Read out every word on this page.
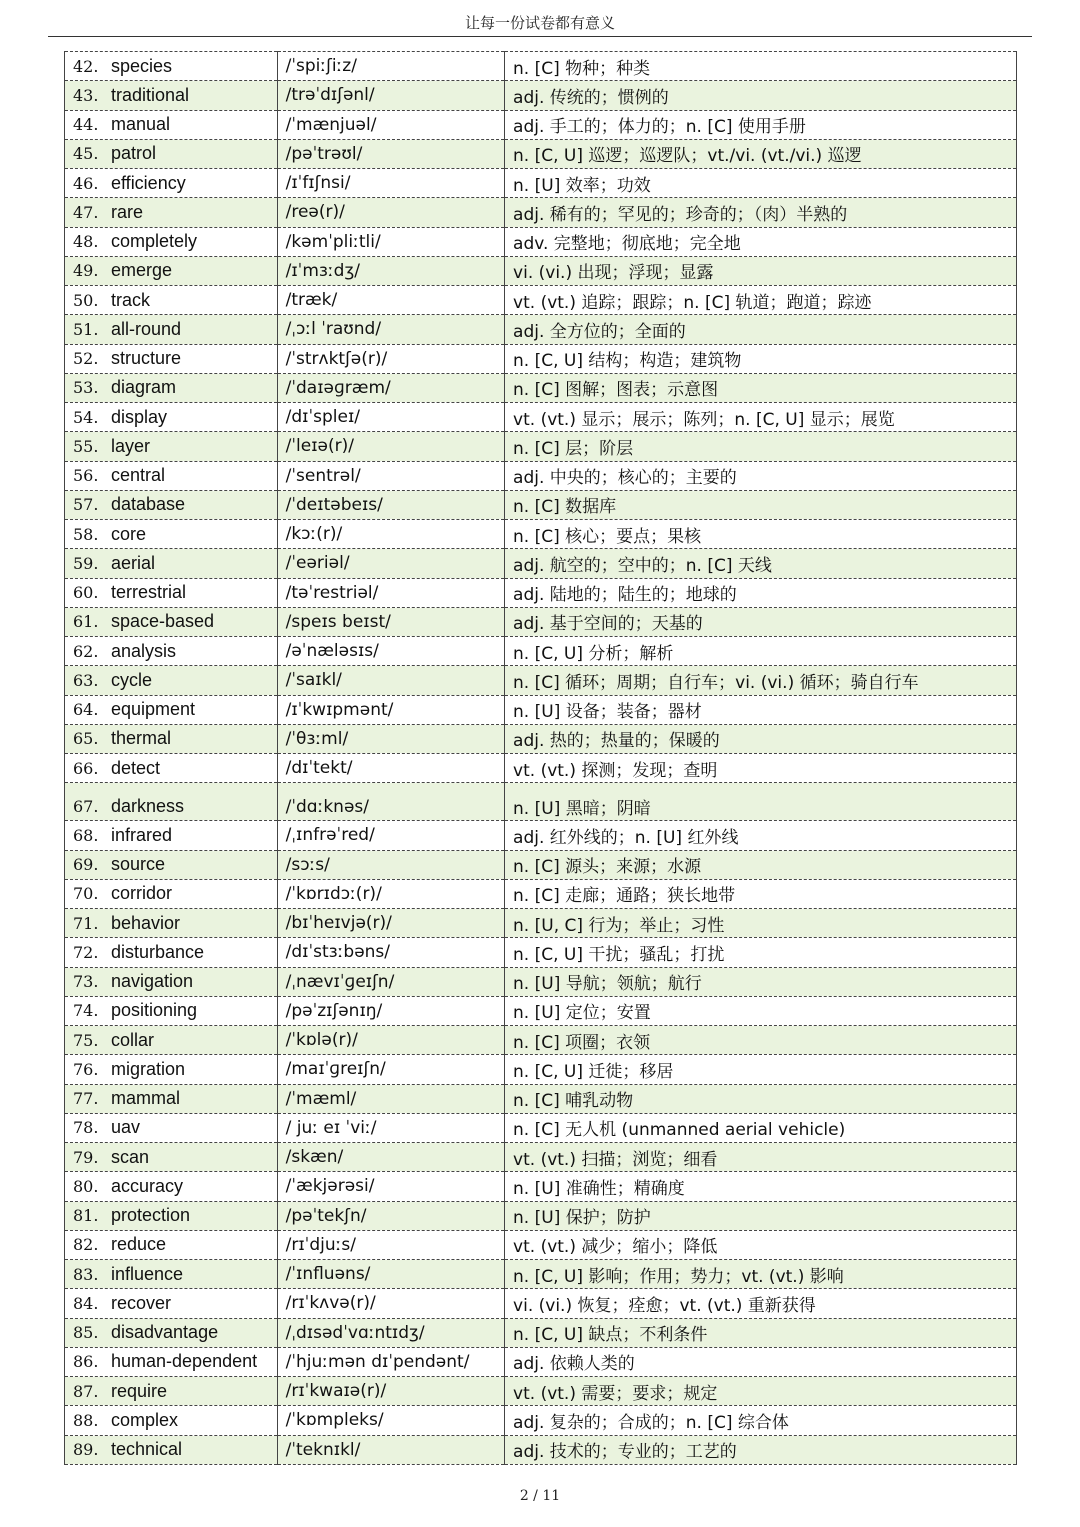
让每一份试卷都有意义
42. species	/ˈspiːʃiːz/	n. [C] 物种；种类
43. traditional	/trəˈdɪʃənl/	adj. 传统的；惯例的
44. manual	/ˈmænjuəl/	adj. 手工的；体力的；n. [C] 使用手册
45. patrol	/pəˈtrəʊl/	n. [C, U] 巡逻；巡逻队；vt./vi. (vt./vi.) 巡逻
46. efficiency	/ɪˈfɪʃnsi/	n. [U] 效率；功效
47. rare	/reə(r)/	adj. 稀有的；罕见的；珍奇的；（肉）半熟的
48. completely	/kəmˈpliːtli/	adv. 完整地；彻底地；完全地
49. emerge	/ɪˈmɜːdʒ/	vi. (vi.) 出现；浮现；显露
50. track	/træk/	vt. (vt.) 追踪；跟踪；n. [C] 轨道；跑道；踪迹
51. all-round	/ˌɔːl ˈraʊnd/	adj. 全方位的；全面的
52. structure	/ˈstrʌktʃə(r)/	n. [C, U] 结构；构造；建筑物
53. diagram	/ˈdaɪəɡræm/	n. [C] 图解；图表；示意图
54. display	/dɪˈspleɪ/	vt. (vt.) 显示；展示；陈列；n. [C, U] 显示；展览
55. layer	/ˈleɪə(r)/	n. [C] 层；阶层
56. central	/ˈsentrəl/	adj. 中央的；核心的；主要的
57. database	/ˈdeɪtəbeɪs/	n. [C] 数据库
58. core	/kɔː(r)/	n. [C] 核心；要点；果核
59. aerial	/ˈeəriəl/	adj. 航空的；空中的；n. [C] 天线
60. terrestrial	/təˈrestriəl/	adj. 陆地的；陆生的；地球的
61. space-based	/speɪs beɪst/	adj. 基于空间的；天基的
62. analysis	/əˈnæləsɪs/	n. [C, U] 分析；解析
63. cycle	/ˈsaɪkl/	n. [C] 循环；周期；自行车；vi. (vi.) 循环；骑自行车
64. equipment	/ɪˈkwɪpmənt/	n. [U] 设备；装备；器材
65. thermal	/ˈθɜːml/	adj. 热的；热量的；保暖的
66. detect	/dɪˈtekt/	vt. (vt.) 探测；发现；查明
67. darkness	/ˈdɑːknəs/	n. [U] 黑暗；阴暗
68. infrared	/ˌɪnfrəˈred/	adj. 红外线的；n. [U] 红外线
69. source	/sɔːs/	n. [C] 源头；来源；水源
70. corridor	/ˈkɒrɪdɔː(r)/	n. [C] 走廊；通路；狭长地带
71. behavior	/bɪˈheɪvjə(r)/	n. [U, C] 行为；举止；习性
72. disturbance	/dɪˈstɜːbəns/	n. [C, U] 干扰；骚乱；打扰
73. navigation	/ˌnævɪˈɡeɪʃn/	n. [U] 导航；领航；航行
74. positioning	/pəˈzɪʃənɪŋ/	n. [U] 定位；安置
75. collar	/ˈkɒlə(r)/	n. [C] 项圈；衣领
76. migration	/maɪˈɡreɪʃn/	n. [C, U] 迁徙；移居
77. mammal	/ˈmæml/	n. [C] 哺乳动物
78. uav	/ juː eɪ ˈviː/	n. [C] 无人机 (unmanned aerial vehicle)
79. scan	/skæn/	vt. (vt.) 扫描；浏览；细看
80. accuracy	/ˈækjərəsi/	n. [U] 准确性；精确度
81. protection	/pəˈtekʃn/	n. [U] 保护；防护
82. reduce	/rɪˈdjuːs/	vt. (vt.) 减少；缩小；降低
83. influence	/ˈɪnfluəns/	n. [C, U] 影响；作用；势力；vt. (vt.) 影响
84. recover	/rɪˈkʌvə(r)/	vi. (vi.) 恢复；痊愈；vt. (vt.) 重新获得
85. disadvantage	/ˌdɪsədˈvɑːntɪdʒ/	n. [C, U] 缺点；不利条件
86. human-dependent	/ˈhjuːmən dɪˈpendənt/	adj. 依赖人类的
87. require	/rɪˈkwaɪə(r)/	vt. (vt.) 需要；要求；规定
88. complex	/ˈkɒmpleks/	adj. 复杂的；合成的；n. [C] 综合体
89. technical	/ˈteknɪkl/	adj. 技术的；专业的；工艺的
2 / 11
